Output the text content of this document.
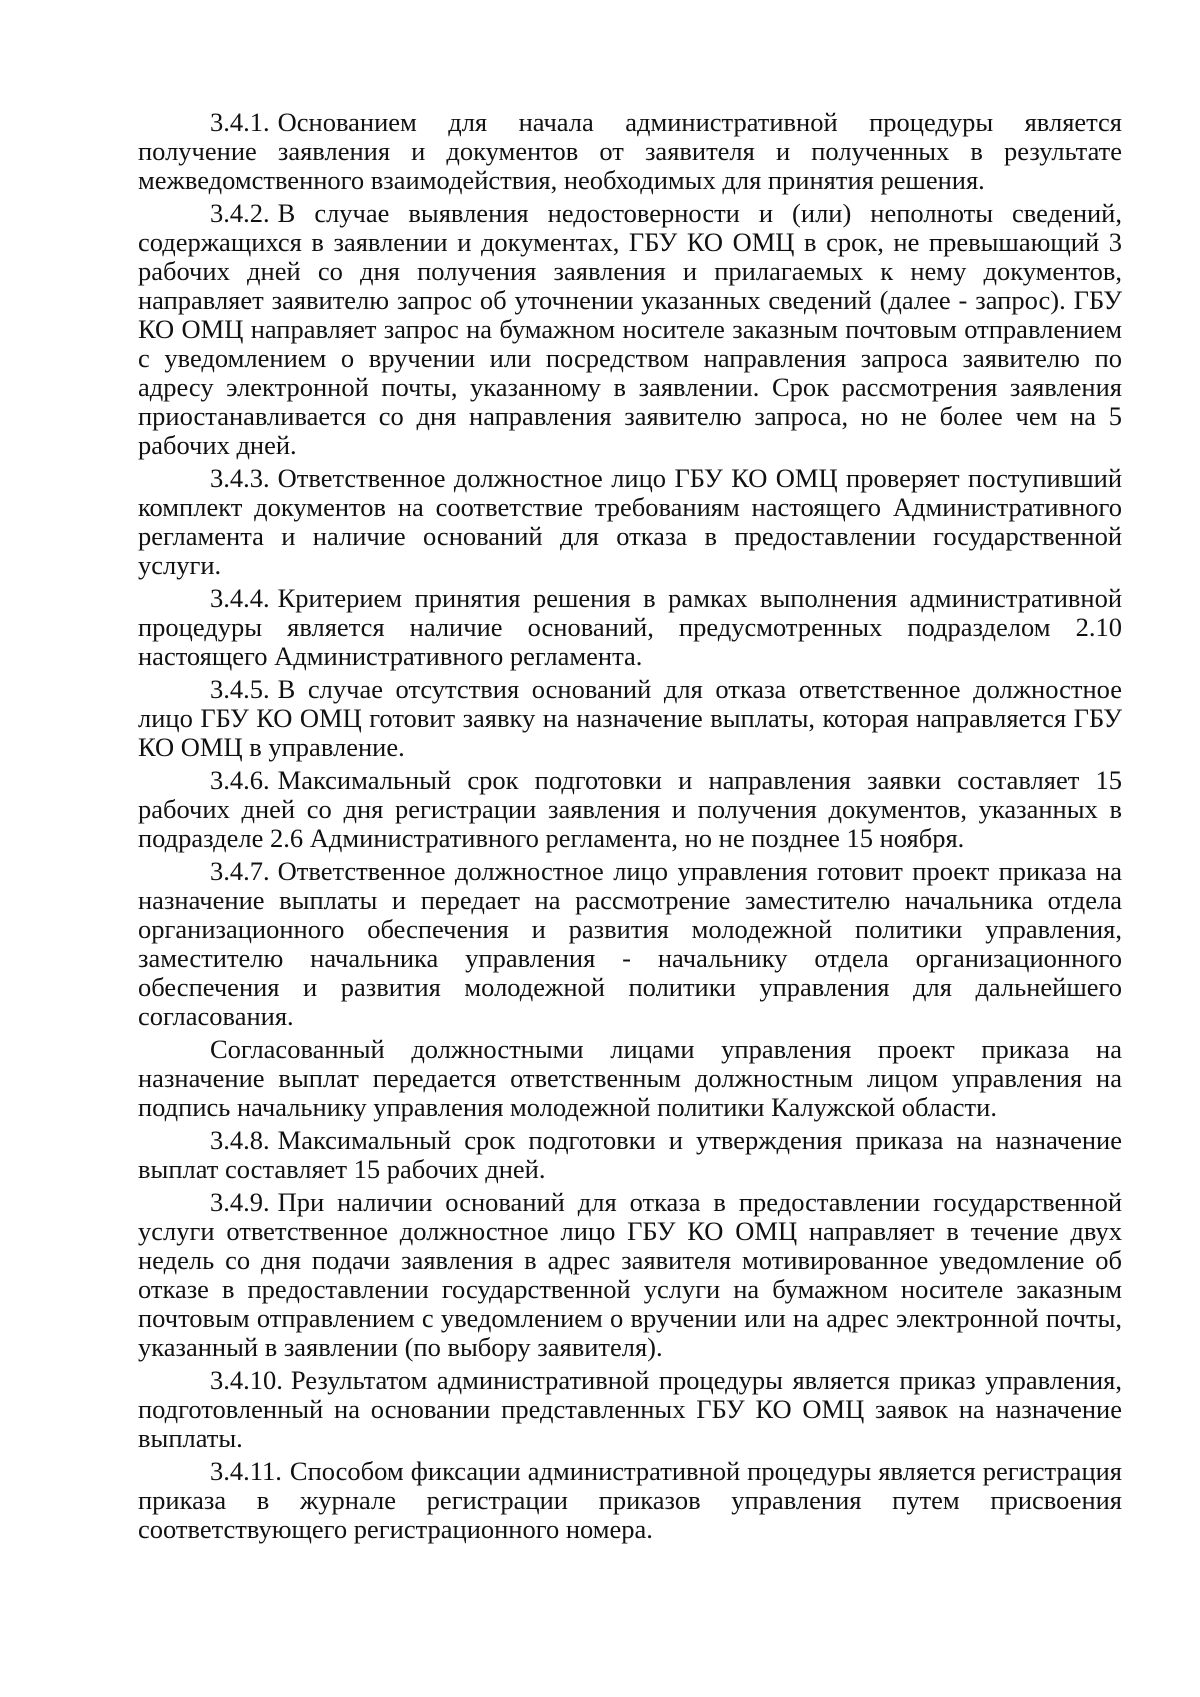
3.4.1. Основанием для начала административной процедуры является получение заявления и документов от заявителя и полученных в результате межведомственного взаимодействия, необходимых для принятия решения.

3.4.2. В случае выявления недостоверности и (или) неполноты сведений, содержащихся в заявлении и документах, ГБУ КО ОМЦ в срок, не превышающий 3 рабочих дней со дня получения заявления и прилагаемых к нему документов, направляет заявителю запрос об уточнении указанных сведений (далее - запрос). ГБУ КО ОМЦ направляет запрос на бумажном носителе заказным почтовым отправлением с уведомлением о вручении или посредством направления запроса заявителю по адресу электронной почты, указанному в заявлении. Срок рассмотрения заявления приостанавливается со дня направления заявителю запроса, но не более чем на 5 рабочих дней.

3.4.3. Ответственное должностное лицо ГБУ КО ОМЦ проверяет поступивший комплект документов на соответствие требованиям настоящего Административного регламента и наличие оснований для отказа в предоставлении государственной услуги.

3.4.4. Критерием принятия решения в рамках выполнения административной процедуры является наличие оснований, предусмотренных подразделом 2.10 настоящего Административного регламента.

3.4.5. В случае отсутствия оснований для отказа ответственное должностное лицо ГБУ КО ОМЦ готовит заявку на назначение выплаты, которая направляется ГБУ КО ОМЦ в управление.

3.4.6. Максимальный срок подготовки и направления заявки составляет 15 рабочих дней со дня регистрации заявления и получения документов, указанных в подразделе 2.6 Административного регламента, но не позднее 15 ноября.

3.4.7. Ответственное должностное лицо управления готовит проект приказа на назначение выплаты и передает на рассмотрение заместителю начальника отдела организационного обеспечения и развития молодежной политики управления, заместителю начальника управления - начальнику отдела организационного обеспечения и развития молодежной политики управления для дальнейшего согласования.

Согласованный должностными лицами управления проект приказа на назначение выплат передается ответственным должностным лицом управления на подпись начальнику управления молодежной политики Калужской области.

3.4.8. Максимальный срок подготовки и утверждения приказа на назначение выплат составляет 15 рабочих дней.

3.4.9. При наличии оснований для отказа в предоставлении государственной услуги ответственное должностное лицо ГБУ КО ОМЦ направляет в течение двух недель со дня подачи заявления в адрес заявителя мотивированное уведомление об отказе в предоставлении государственной услуги на бумажном носителе заказным почтовым отправлением с уведомлением о вручении или на адрес электронной почты, указанный в заявлении (по выбору заявителя).

3.4.10. Результатом административной процедуры является приказ управления, подготовленный на основании представленных ГБУ КО ОМЦ заявок на назначение выплаты.

3.4.11. Способом фиксации административной процедуры является регистрация приказа в журнале регистрации приказов управления путем присвоения соответствующего регистрационного номера.
